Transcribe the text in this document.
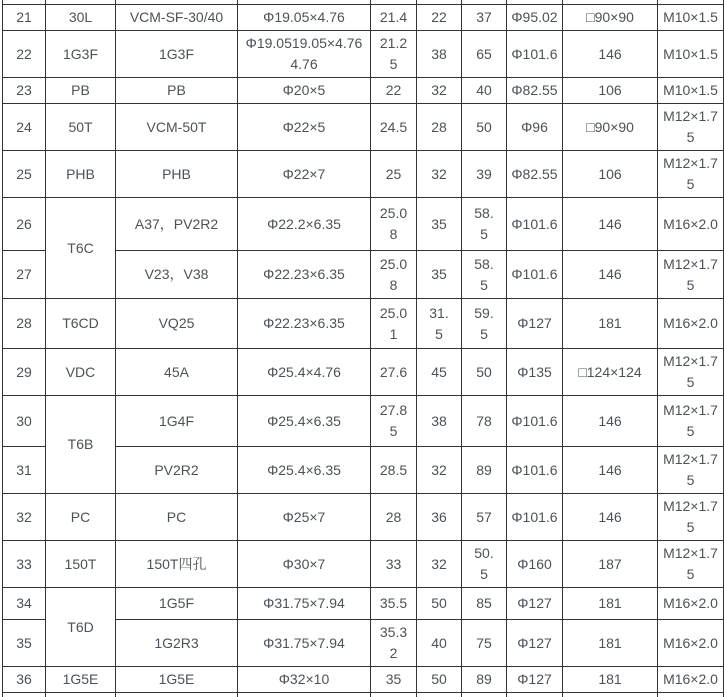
21	30L	VCM-SF-30/40	Φ19.05×4.76	21.4	22	37	Φ95.02	□90×90	M10×1.5
22	1G3F	1G3F	Φ19.0519.05×4.764.76	21.25	38	65	Φ101.6	146	M10×1.5
23	PB	PB	Φ20×5	22	32	40	Φ82.55	106	M10×1.5
24	50T	VCM-50T	Φ22×5	24.5	28	50	Φ96	□90×90	M12×1.75
25	PHB	PHB	Φ22×7	25	32	39	Φ82.55	106	M12×1.75
26	T6C	A37，PV2R2	Φ22.2×6.35	25.08	35	58.5	Φ101.6	146	M16×2.0
27		V23，V38	Φ22.23×6.35	25.08	35	58.5	Φ101.6	146	M12×1.75
28	T6CD	VQ25	Φ22.23×6.35	25.01	31.5	59.5	Φ127	181	M16×2.0
29	VDC	45A	Φ25.4×4.76	27.6	45	50	Φ135	□124×124	M12×1.75
30	T6B	1G4F	Φ25.4×6.35	27.85	38	78	Φ101.6	146	M12×1.75
31		PV2R2	Φ25.4×6.35	28.5	32	89	Φ101.6	146	M12×1.75
32	PC	PC	Φ25×7	28	36	57	Φ101.6	146	M12×1.75
33	150T	150T四孔	Φ30×7	33	32	50.5	Φ160	187	M12×1.75
34	T6D	1G5F	Φ31.75×7.94	35.5	50	85	Φ127	181	M16×2.0
35		1G2R3	Φ31.75×7.94	35.32	40	75	Φ127	181	M16×2.0
36	1G5E	1G5E	Φ32×10	35	50	89	Φ127	181	M16×2.0
